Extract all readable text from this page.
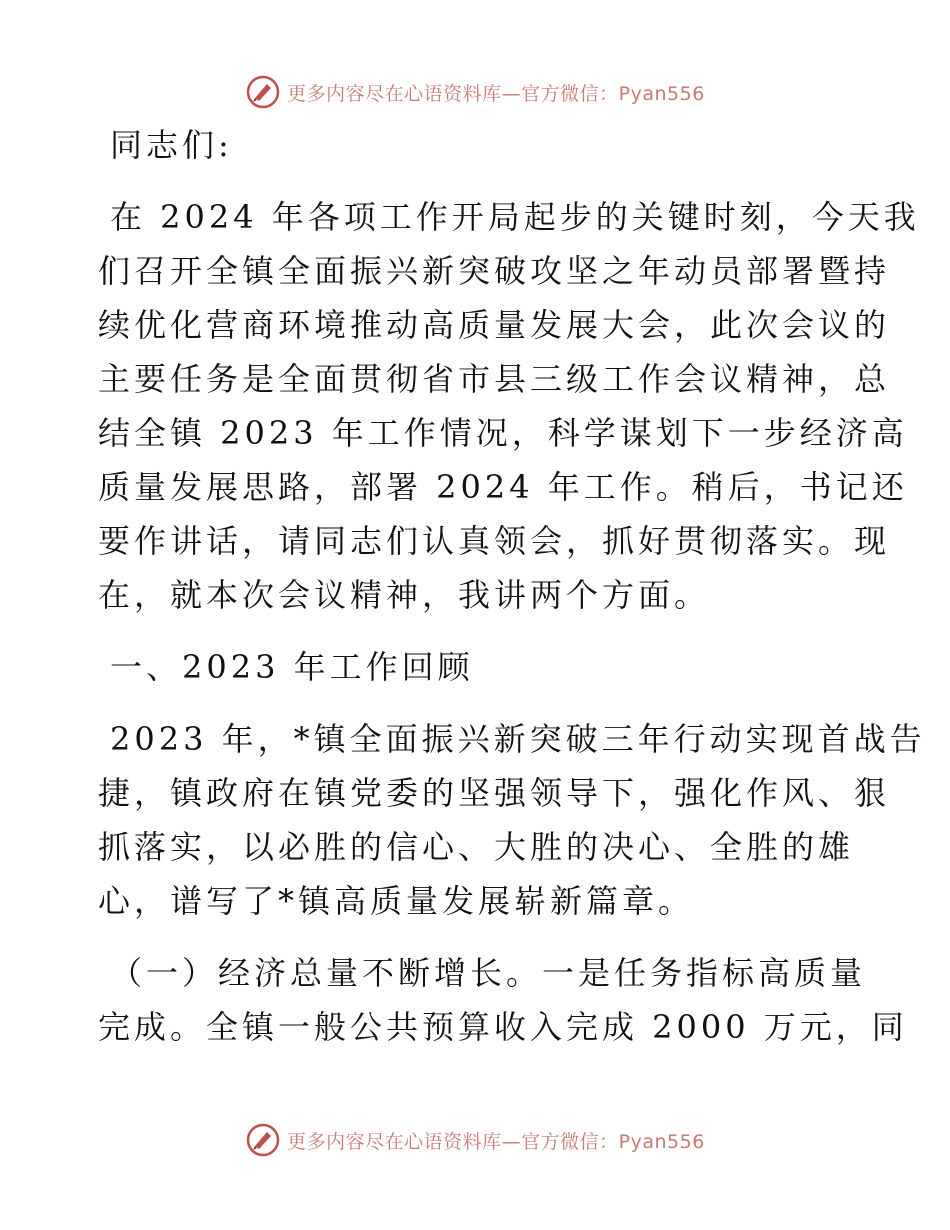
更多内容尽在心语资料库—官方微信：Pyan556
同志们:
在 2024 年各项工作开局起步的关键时刻，今天我
们召开全镇全面振兴新突破攻坚之年动员部署暨持
续优化营商环境推动高质量发展大会，此次会议的
主要任务是全面贯彻省市县三级工作会议精神，总
结全镇 2023 年工作情况，科学谋划下一步经济高
质量发展思路，部署 2024 年工作。稍后，书记还
要作讲话，请同志们认真领会，抓好贯彻落实。现
在，就本次会议精神，我讲两个方面。
一、2023 年工作回顾
2023 年，*镇全面振兴新突破三年行动实现首战告
捷，镇政府在镇党委的坚强领导下，强化作风、狠
抓落实，以必胜的信心、大胜的决心、全胜的雄
心，谱写了*镇高质量发展崭新篇章。
（一）经济总量不断增长。一是任务指标高质量
完成。全镇一般公共预算收入完成 2000 万元，同
更多内容尽在心语资料库—官方微信：Pyan556
